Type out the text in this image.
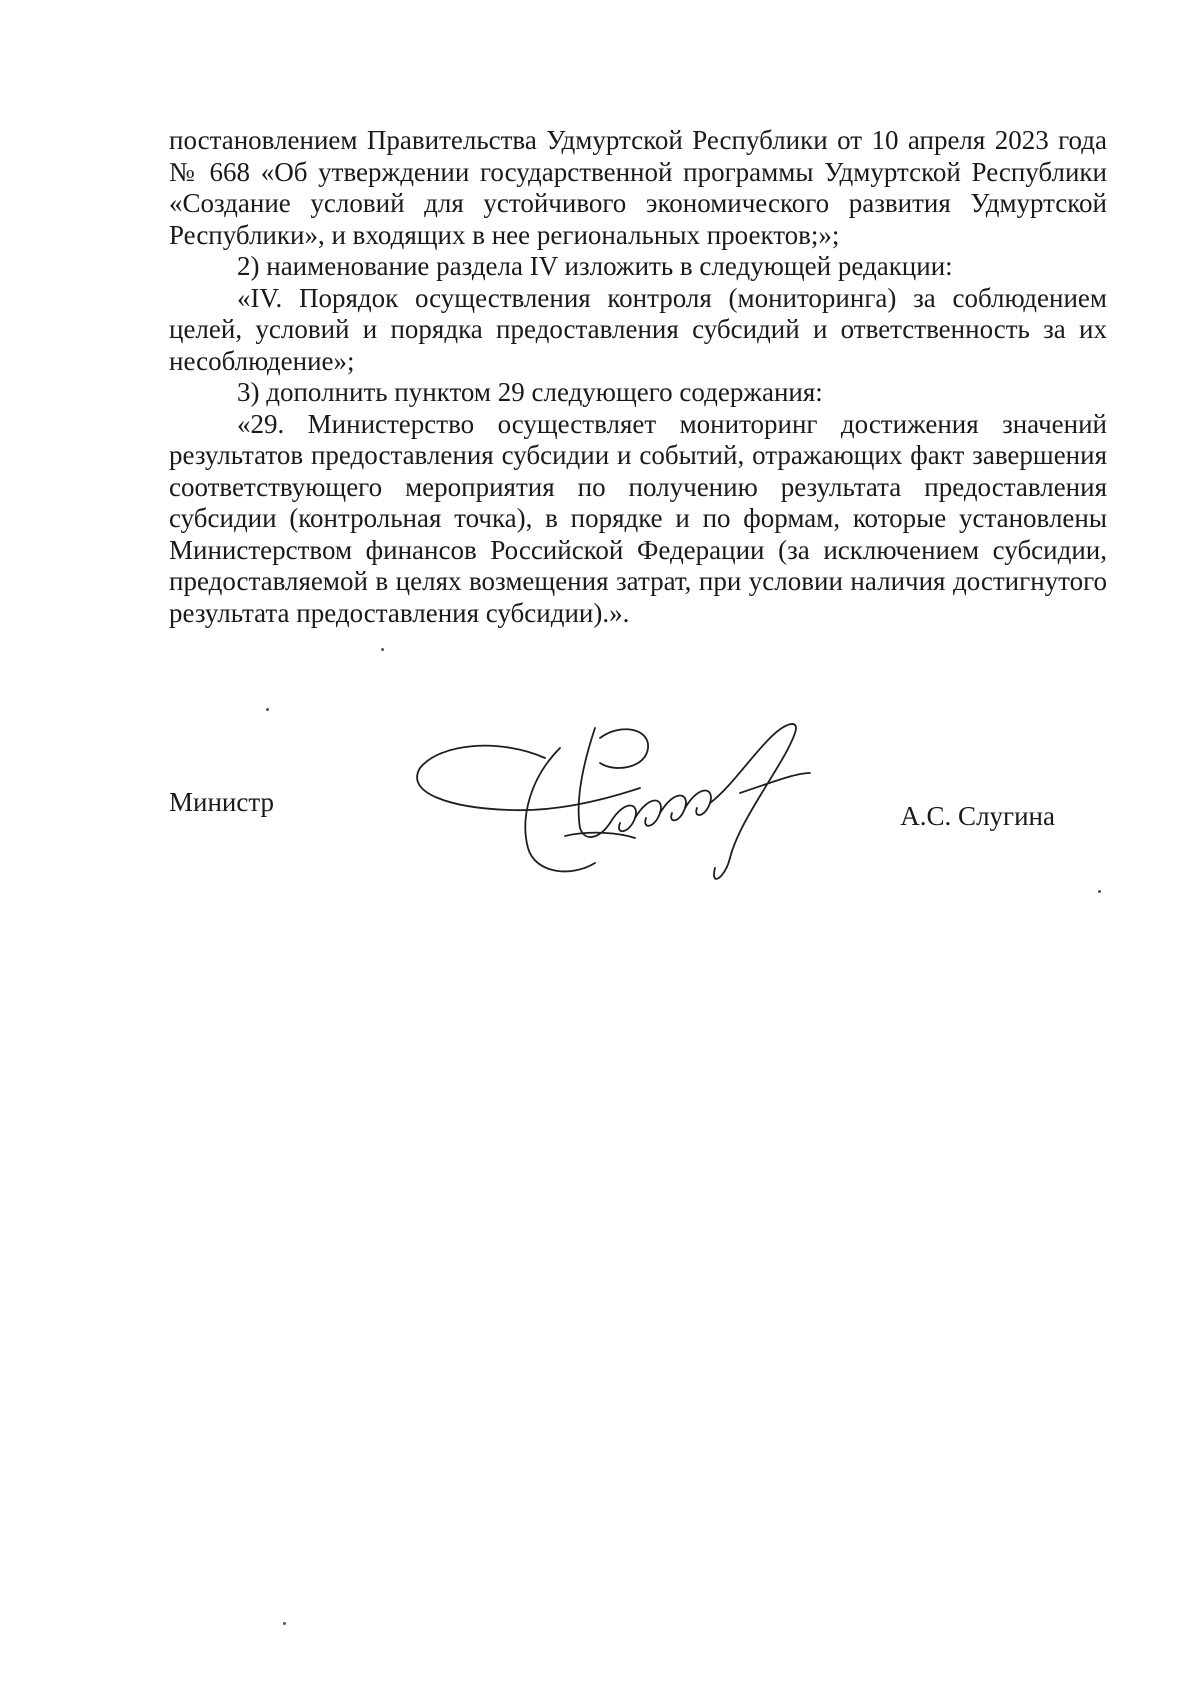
постановлением Правительства Удмуртской Республики от 10 апреля 2023 года № 668 «Об утверждении государственной программы Удмуртской Республики «Создание условий для устойчивого экономического развития Удмуртской Республики», и входящих в нее региональных проектов;»;

2) наименование раздела IV изложить в следующей редакции:

«IV. Порядок осуществления контроля (мониторинга) за соблюдением целей, условий и порядка предоставления субсидий и ответственность за их несоблюдение»;

3) дополнить пунктом 29 следующего содержания:

«29. Министерство осуществляет мониторинг достижения значений результатов предоставления субсидии и событий, отражающих факт завершения соответствующего мероприятия по получению результата предоставления субсидии (контрольная точка), в порядке и по формам, которые установлены Министерством финансов Российской Федерации (за исключением субсидии, предоставляемой в целях возмещения затрат, при условии наличия достигнутого результата предоставления субсидии).».

Министр	А.С. Слугина
